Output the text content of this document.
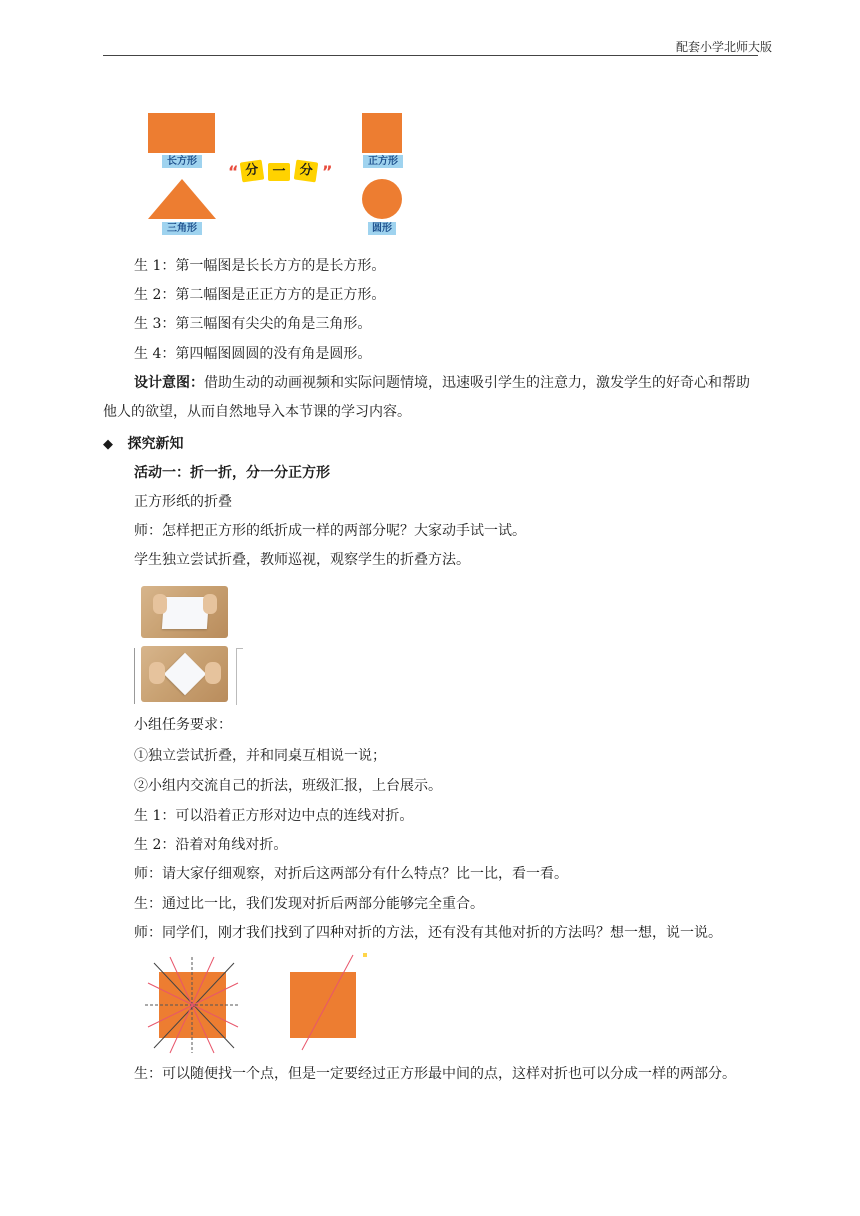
配套小学北师大版
长方形
三角形
“	”
分	一	分
正方形
圆形
生 1：第一幅图是长长方方的是长方形。
生 2：第二幅图是正正方方的是正方形。
生 3：第三幅图有尖尖的角是三角形。
生 4：第四幅图圆圆的没有角是圆形。
设计意图：借助生动的动画视频和实际问题情境，迅速吸引学生的注意力，激发学生的好奇心和帮助他人的欲望，从而自然地导入本节课的学习内容。
◆ 探究新知
活动一：折一折，分一分正方形
正方形纸的折叠
师：怎样把正方形的纸折成一样的两部分呢？大家动手试一试。
学生独立尝试折叠，教师巡视，观察学生的折叠方法。
小组任务要求：
①独立尝试折叠，并和同桌互相说一说；
②小组内交流自己的折法，班级汇报，上台展示。
生 1：可以沿着正方形对边中点的连线对折。
生 2：沿着对角线对折。
师：请大家仔细观察，对折后这两部分有什么特点？比一比，看一看。
生：通过比一比，我们发现对折后两部分能够完全重合。
师：同学们，刚才我们找到了四种对折的方法，还有没有其他对折的方法吗？想一想，说一说。
生：可以随便找一个点，但是一定要经过正方形最中间的点，这样对折也可以分成一样的两部分。
